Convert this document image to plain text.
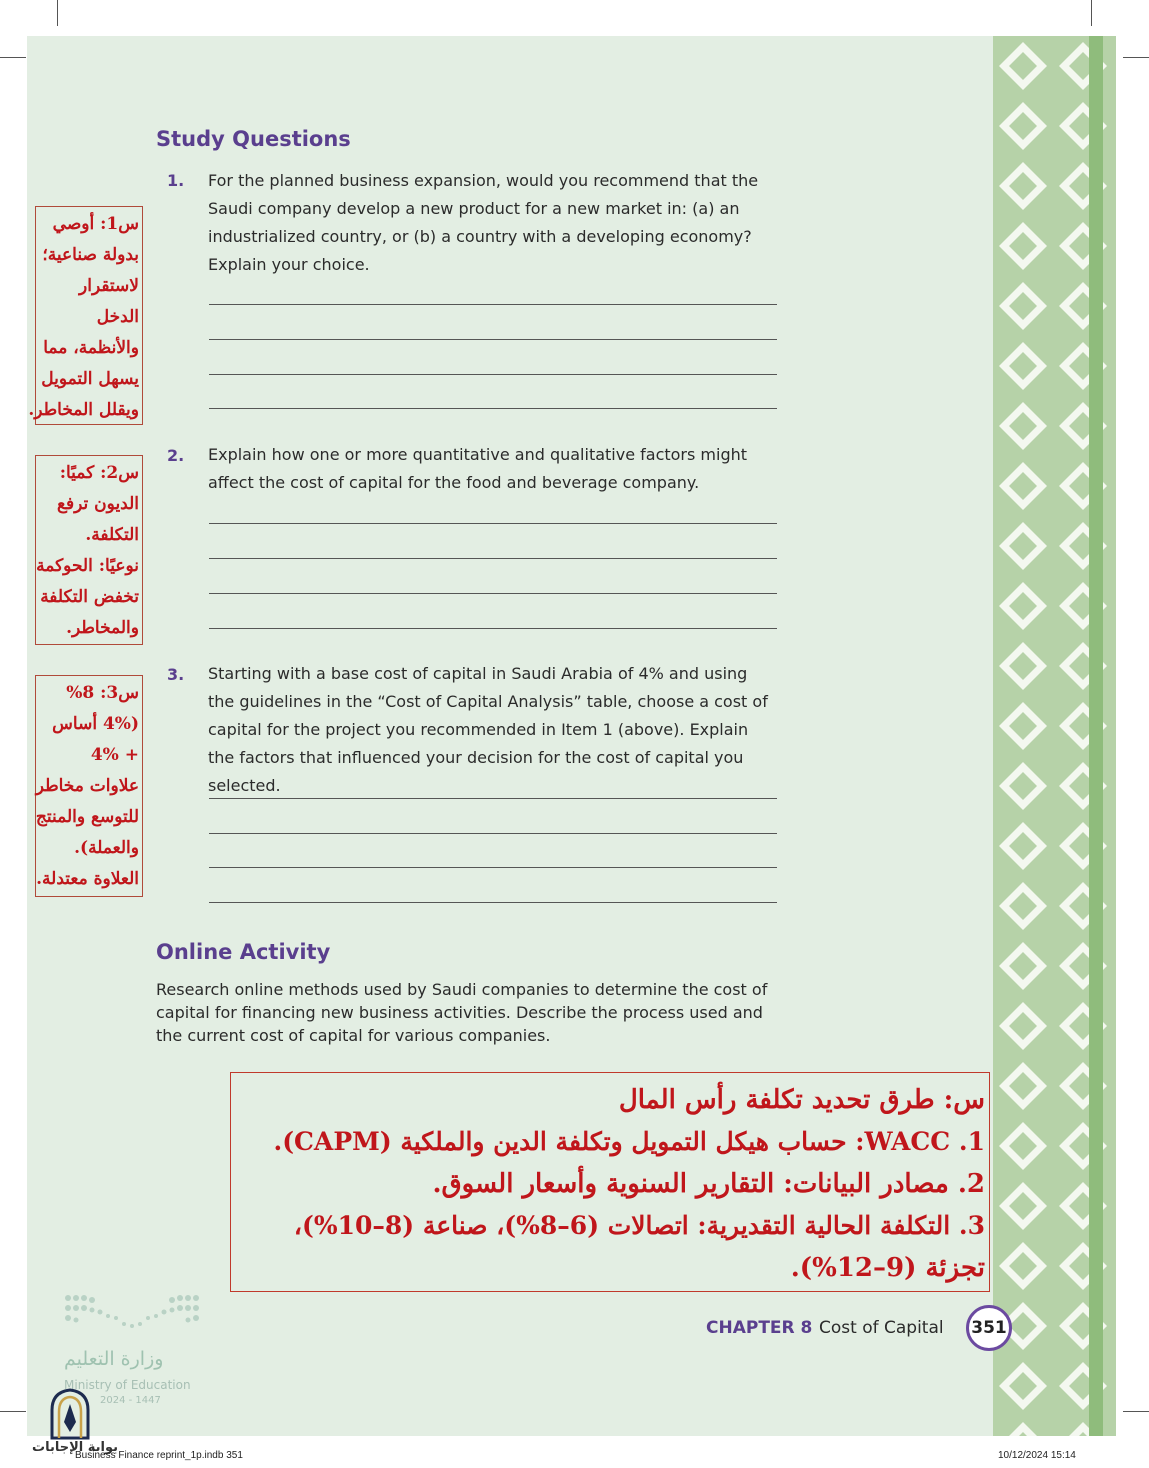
Study Questions
1. For the planned business expansion, would you recommend that the Saudi company develop a new product for a new market in: (a) an industrialized country, or (b) a country with a developing economy? Explain your choice.
2. Explain how one or more quantitative and qualitative factors might affect the cost of capital for the food and beverage company.
3. Starting with a base cost of capital in Saudi Arabia of 4% and using the guidelines in the “Cost of Capital Analysis” table, choose a cost of capital for the project you recommended in Item 1 (above). Explain the factors that influenced your decision for the cost of capital you selected.
س1: أوصي
بدولة صناعية؛
لاستقرار
الدخل
والأنظمة، مما
يسهل التمويل
ويقلل المخاطر.
س2: كميًا:
الديون ترفع
التكلفة.
نوعيًا: الحوكمة
تخفض التكلفة
والمخاطر.
س3: 8%
(4% أساس
+ 4%
علاوات مخاطر
للتوسع والمنتج
والعملة).
العلاوة معتدلة.
Online Activity
Research online methods used by Saudi companies to determine the cost of capital for financing new business activities. Describe the process used and the current cost of capital for various companies.
س: طرق تحديد تكلفة رأس المال
1. WACC: حساب هيكل التمويل وتكلفة الدين والملكية (CAPM).
2. مصادر البيانات: التقارير السنوية وأسعار السوق.
3. التكلفة الحالية التقديرية: اتصالات (6–8%)، صناعة (8–10%)،
تجزئة (9–12%).
وزارة التعليم
Ministry of Education
2024 - 1447
بوابة الإجابات
CHAPTER 8 Cost of Capital	351
Business Finance reprint_1p.indb 351	10/12/2024 15:14
